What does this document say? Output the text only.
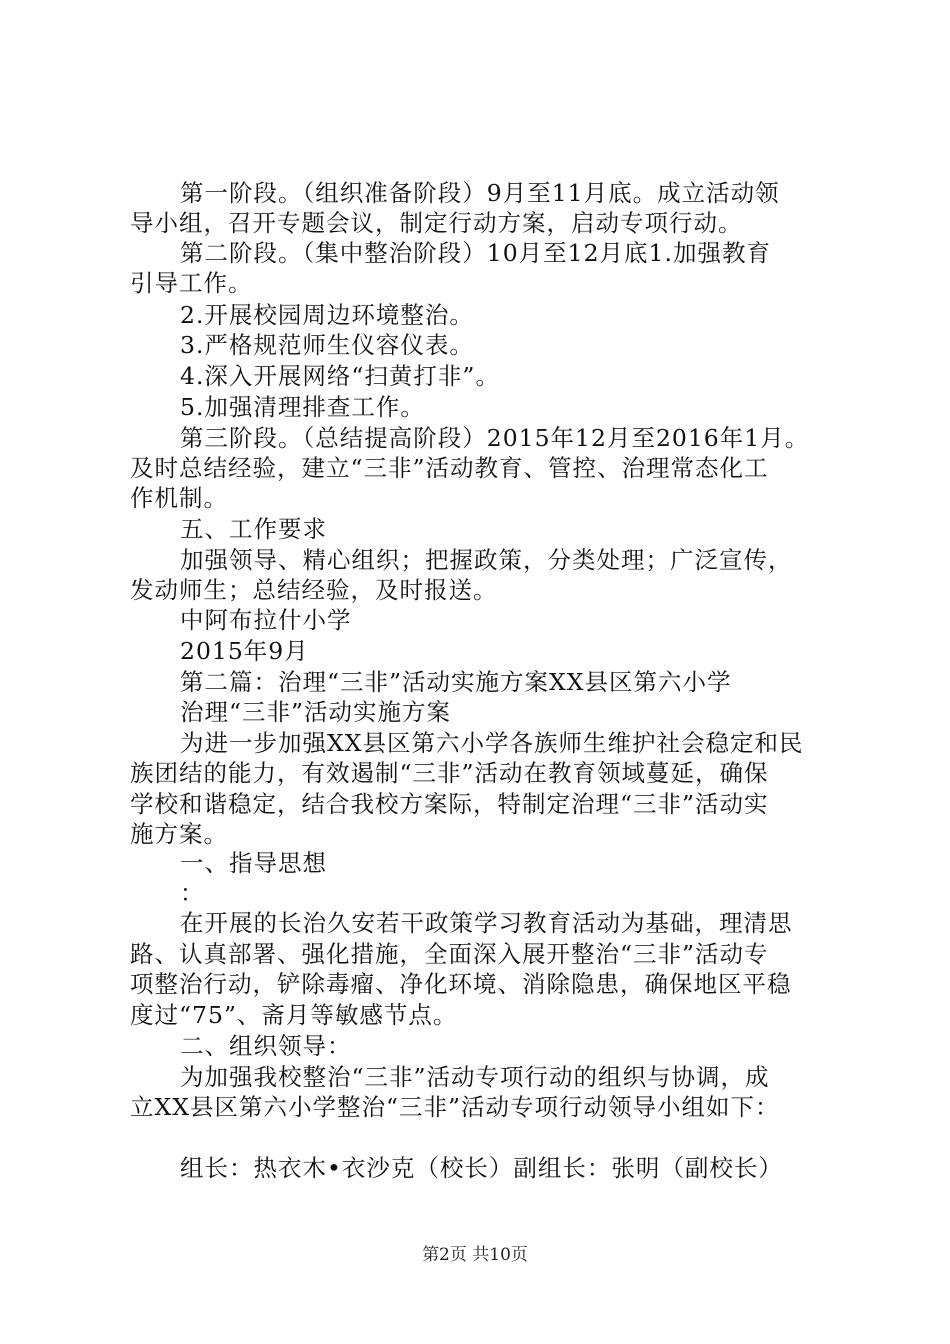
第一阶段。（组织准备阶段）9月至11月底。成立活动领
导小组，召开专题会议，制定行动方案，启动专项行动。
第二阶段。（集中整治阶段）10月至12月底1.加强教育
引导工作。
2.开展校园周边环境整治。
3.严格规范师生仪容仪表。
4.深入开展网络“扫黄打非”。
5.加强清理排查工作。
第三阶段。（总结提高阶段）2015年12月至2016年1月。
及时总结经验，建立“三非”活动教育、管控、治理常态化工
作机制。
五、工作要求
加强领导、精心组织；把握政策，分类处理；广泛宣传，
发动师生；总结经验，及时报送。
中阿布拉什小学
2015年9月
第二篇：治理“三非”活动实施方案XX县区第六小学
治理“三非”活动实施方案
为进一步加强XX县区第六小学各族师生维护社会稳定和民
族团结的能力，有效遏制“三非”活动在教育领域蔓延，确保
学校和谐稳定，结合我校方案际，特制定治理“三非”活动实
施方案。
一、指导思想
：
在开展的长治久安若干政策学习教育活动为基础，理清思
路、认真部署、强化措施，全面深入展开整治“三非”活动专
项整治行动，铲除毒瘤、净化环境、消除隐患，确保地区平稳
度过“75”、斋月等敏感节点。
二、组织领导：
为加强我校整治“三非”活动专项行动的组织与协调，成
立XX县区第六小学整治“三非”活动专项行动领导小组如下：
组长：热衣木•衣沙克（校长）副组长：张明（副校长）
第2页 共10页
